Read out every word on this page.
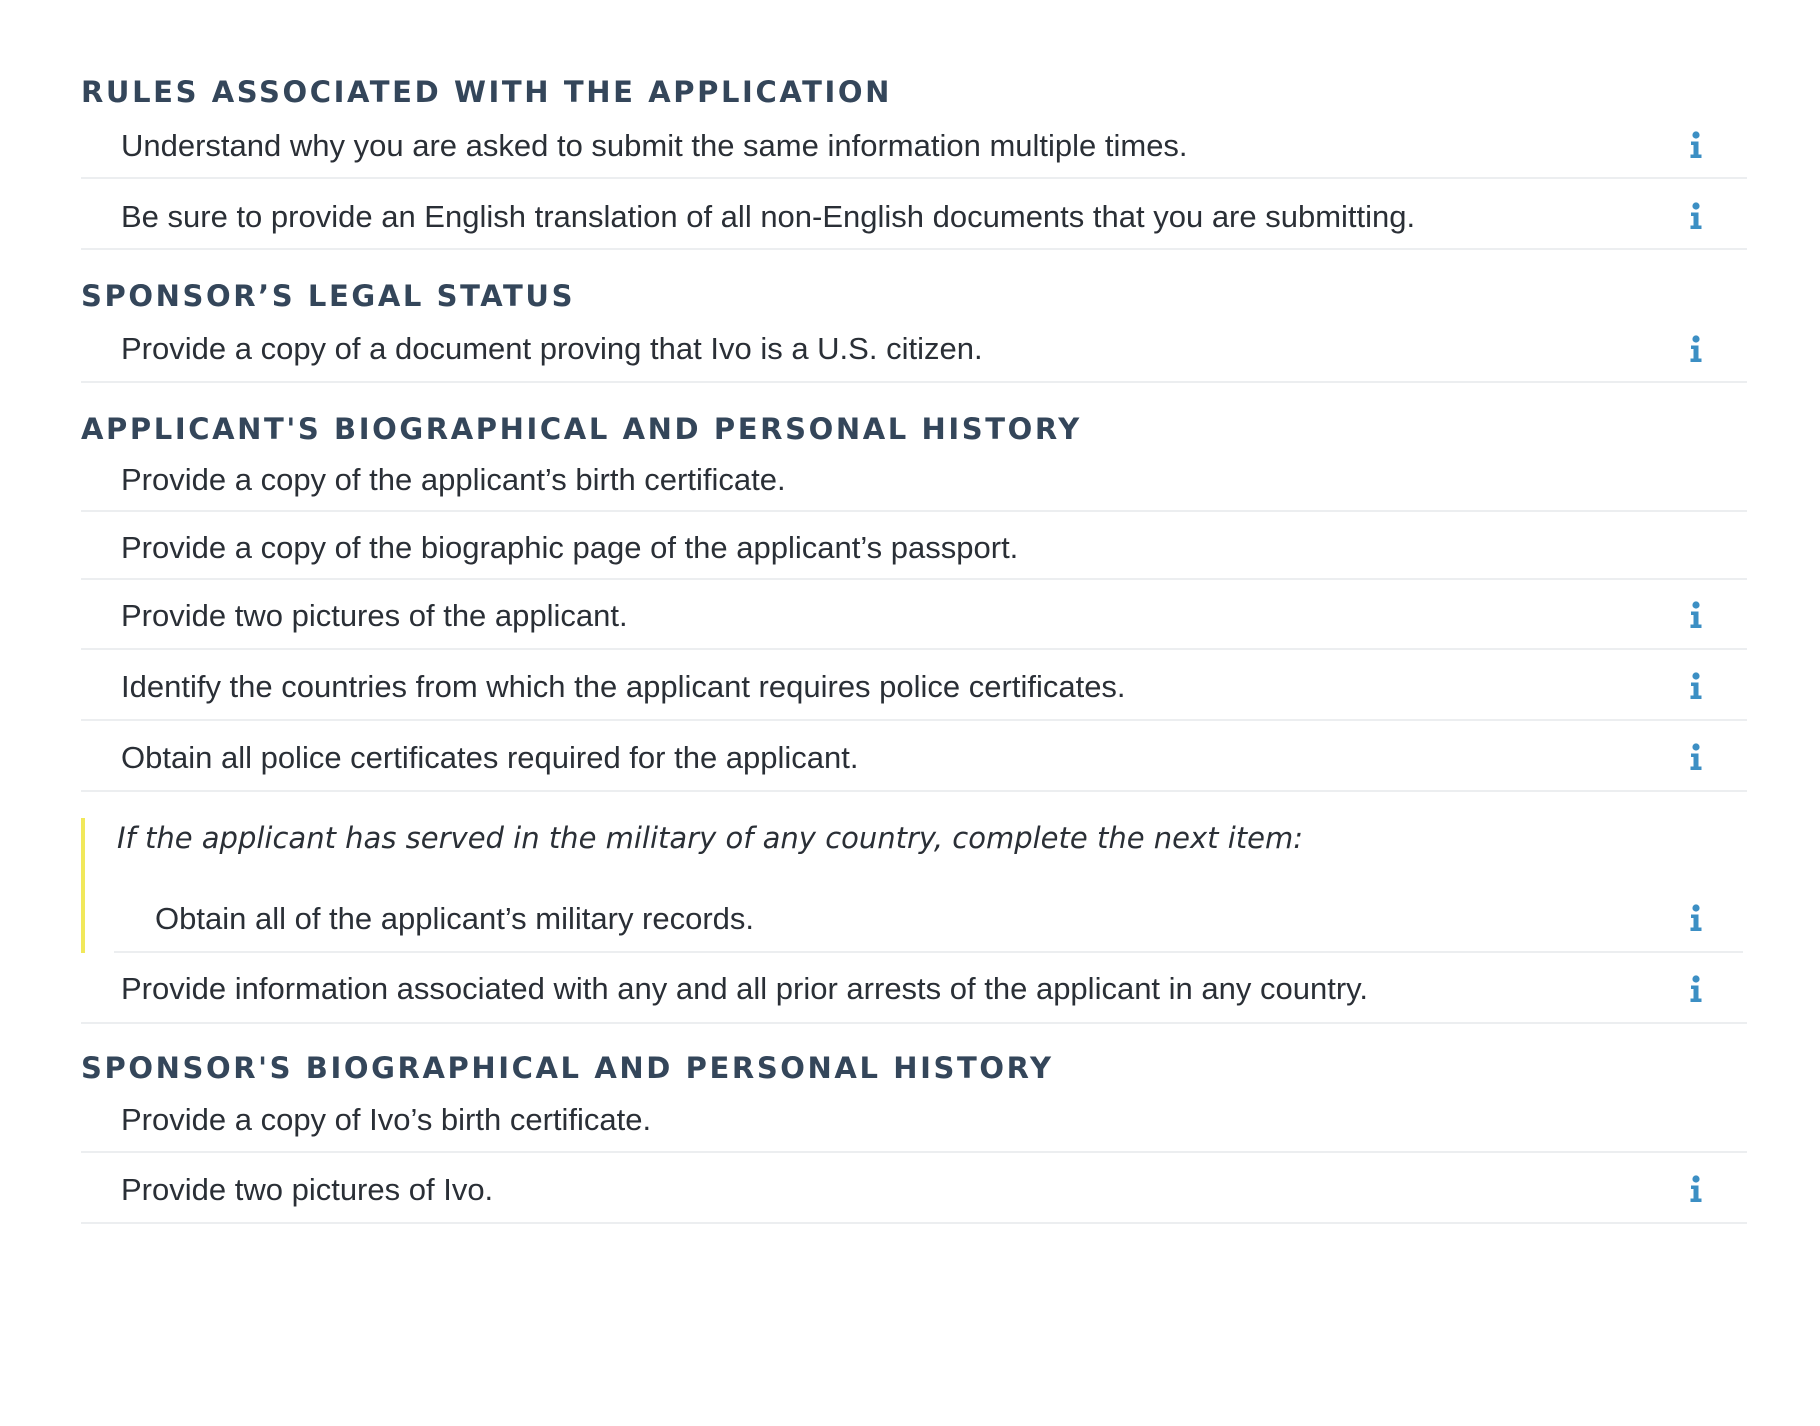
RULES ASSOCIATED WITH THE APPLICATION
Understand why you are asked to submit the same information multiple times.
Be sure to provide an English translation of all non-English documents that you are submitting.
SPONSOR’S LEGAL STATUS
Provide a copy of a document proving that Ivo is a U.S. citizen.
APPLICANT'S BIOGRAPHICAL AND PERSONAL HISTORY
Provide a copy of the applicant’s birth certificate.
Provide a copy of the biographic page of the applicant’s passport.
Provide two pictures of the applicant.
Identify the countries from which the applicant requires police certificates.
Obtain all police certificates required for the applicant.
If the applicant has served in the military of any country, complete the next item:
Obtain all of the applicant’s military records.
Provide information associated with any and all prior arrests of the applicant in any country.
SPONSOR'S BIOGRAPHICAL AND PERSONAL HISTORY
Provide a copy of Ivo’s birth certificate.
Provide two pictures of Ivo.
